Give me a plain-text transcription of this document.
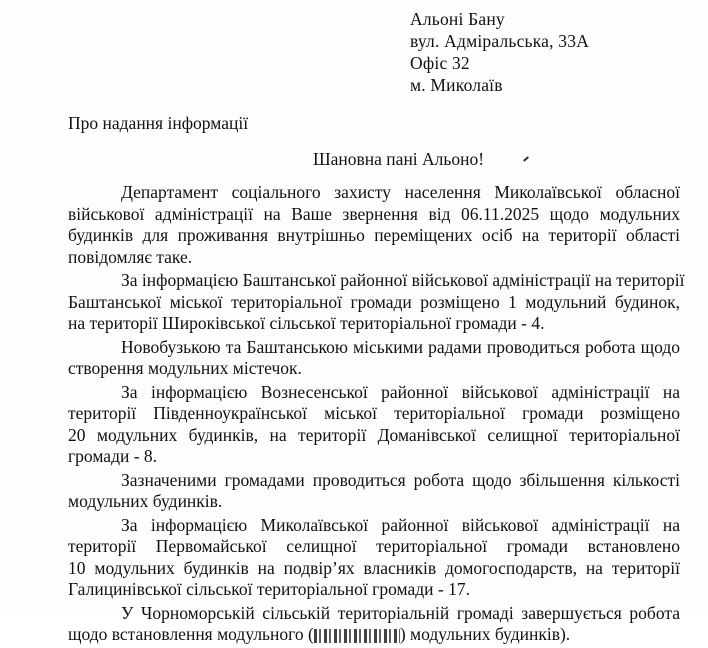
Альоні Бану
вул. Адміральська, 33А
Офіс 32
м. Миколаїв
Про надання інформації
Шановна пані Альоно!
Департамент соціального захисту населення Миколаївської обласної
військової адміністрації на Ваше звернення від 06.11.2025 щодо модульних
будинків для проживання внутрішньо переміщених осіб на території області
повідомляє таке.
За інформацією Баштанської районної військової адміністрації на території
Баштанської міської територіальної громади розміщено 1 модульний будинок,
на території Широківської сільської територіальної громади - 4.
Новобузькою та Баштанською міськими радами проводиться робота щодо
створення модульних містечок.
За інформацією Вознесенської районної військової адміністрації на
території Південноукраїнської міської територіальної громади розміщено
20 модульних будинків, на території Доманівської селищної територіальної
громади - 8.
Зазначеними громадами проводиться робота щодо збільшення кількості
модульних будинків.
За інформацією Миколаївської районної військової адміністрації на
території Первомайської селищної територіальної громади встановлено
10 модульних будинків на подвір’ях власників домогосподарств, на території
Галицинівської сільської територіальної громади - 17.
У Чорноморській сільській територіальній громаді завершується робота
щодо встановлення модульного (	) модульних будинків).
